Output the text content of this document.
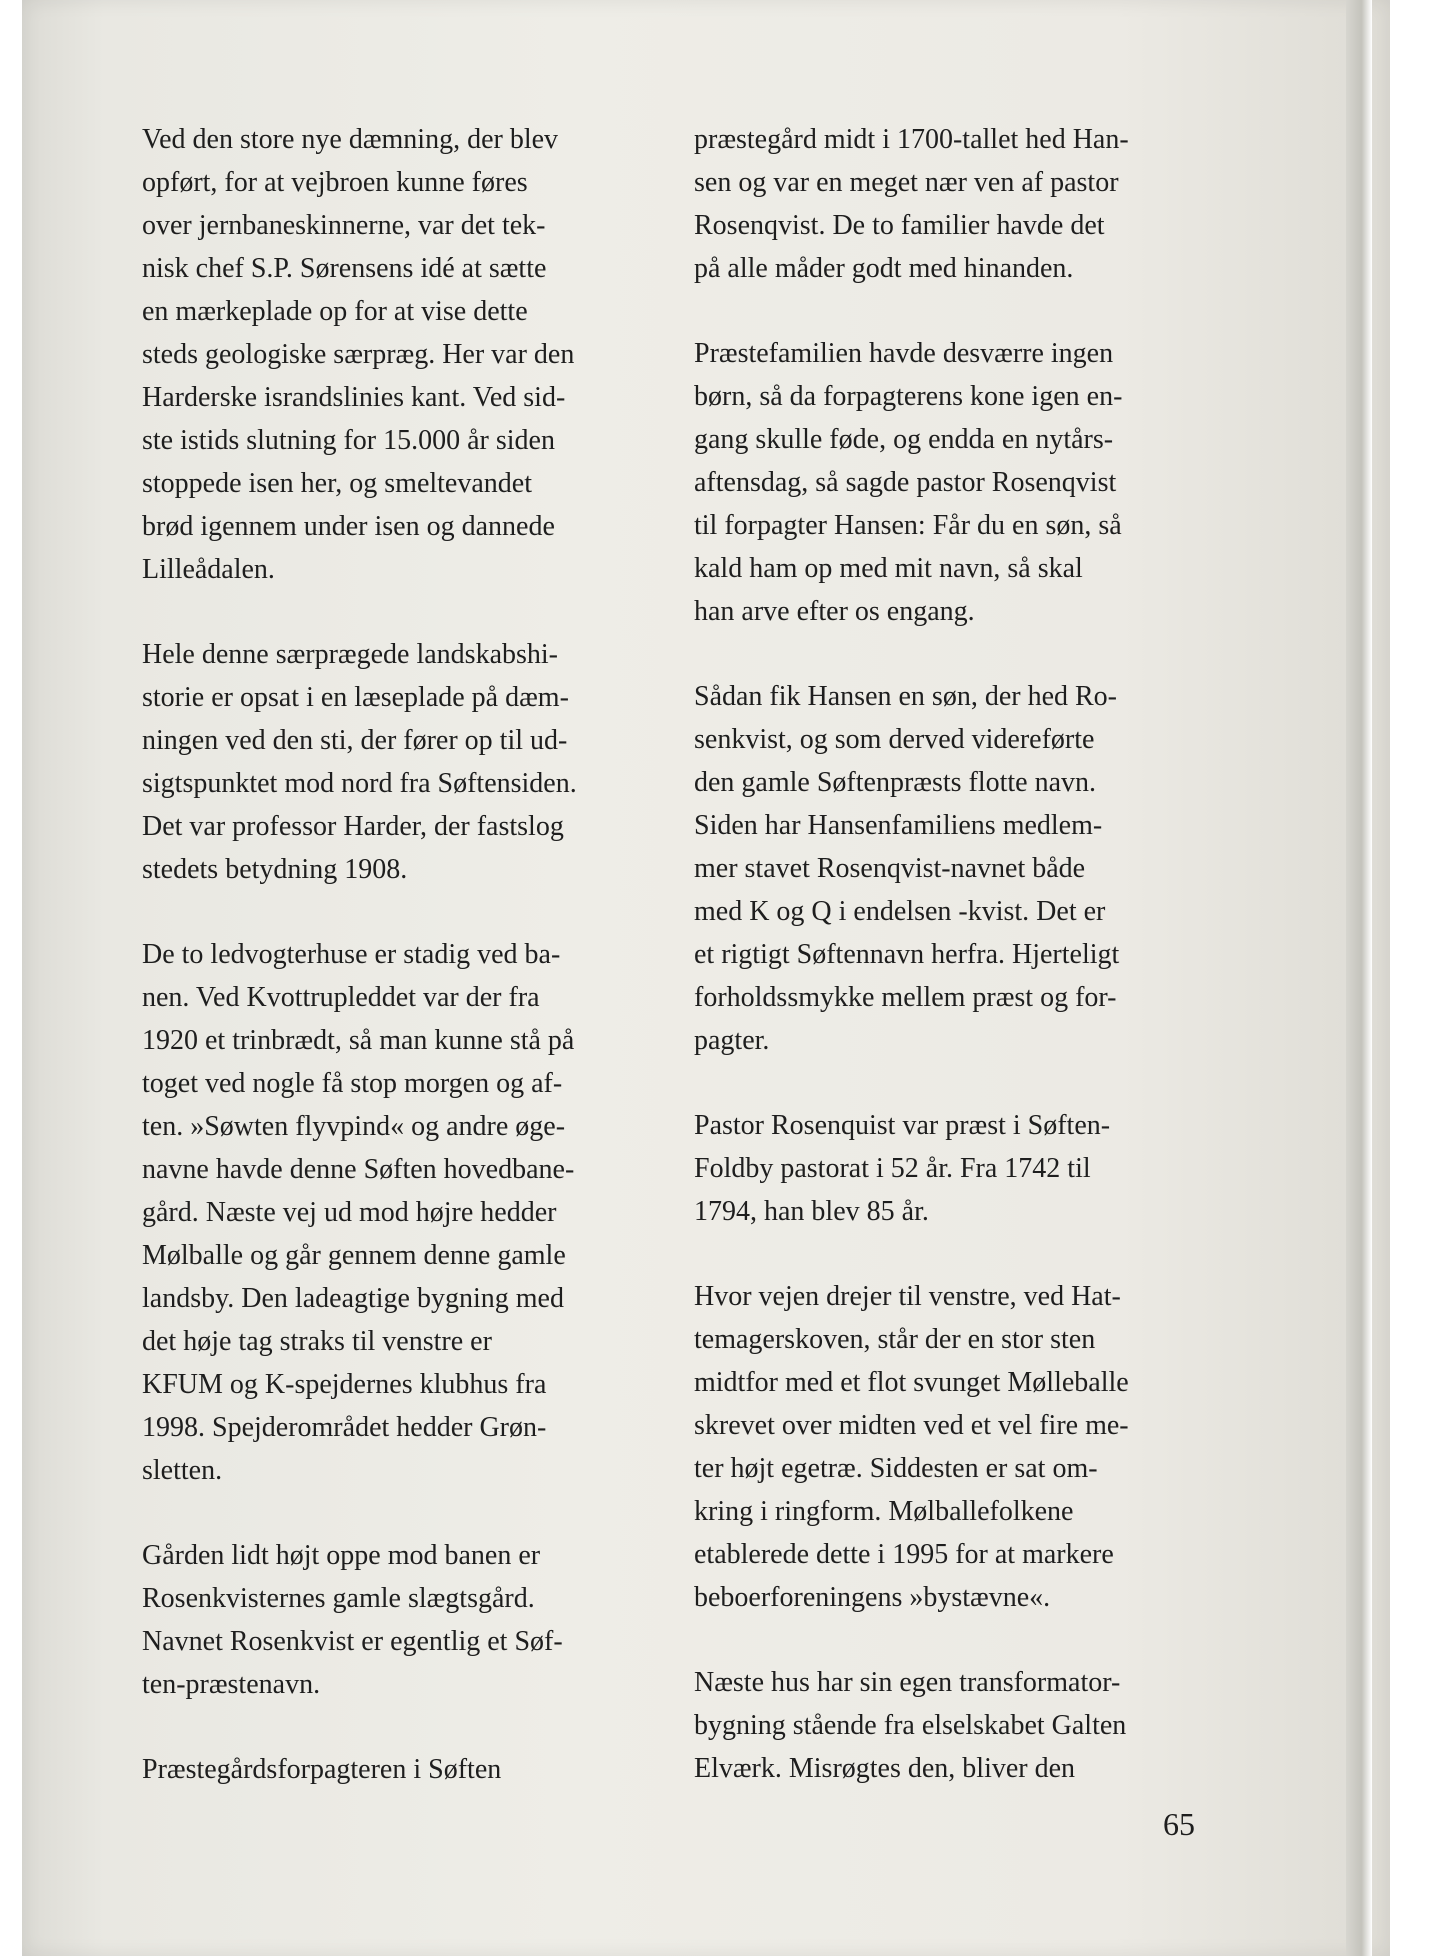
Ved den store nye dæmning, der blev
opført, for at vejbroen kunne føres
over jernbaneskinnerne, var det tek-
nisk chef S.P. Sørensens idé at sætte
en mærkeplade op for at vise dette
steds geologiske særpræg. Her var den
Harderske israndslinies kant. Ved sid-
ste istids slutning for 15.000 år siden
stoppede isen her, og smeltevandet
brød igennem under isen og dannede
Lilleådalen.

Hele denne særprægede landskabshi-
storie er opsat i en læseplade på dæm-
ningen ved den sti, der fører op til ud-
sigtspunktet mod nord fra Søftensiden.
Det var professor Harder, der fastslog
stedets betydning 1908.

De to ledvogterhuse er stadig ved ba-
nen. Ved Kvottrupleddet var der fra
1920 et trinbrædt, så man kunne stå på
toget ved nogle få stop morgen og af-
ten. »Søwten flyvpind« og andre øge-
navne havde denne Søften hovedbane-
gård. Næste vej ud mod højre hedder
Mølballe og går gennem denne gamle
landsby. Den ladeagtige bygning med
det høje tag straks til venstre er
KFUM og K-spejdernes klubhus fra
1998. Spejderområdet hedder Grøn-
sletten.

Gården lidt højt oppe mod banen er
Rosenkvisternes gamle slægtsgård.
Navnet Rosenkvist er egentlig et Søf-
ten-præstenavn.

Præstegårdsforpagteren i Søften

præstegård midt i 1700-tallet hed Han-
sen og var en meget nær ven af pastor
Rosenqvist. De to familier havde det
på alle måder godt med hinanden.

Præstefamilien havde desværre ingen
børn, så da forpagterens kone igen en-
gang skulle føde, og endda en nytårs-
aftensdag, så sagde pastor Rosenqvist
til forpagter Hansen: Får du en søn, så
kald ham op med mit navn, så skal
han arve efter os engang.

Sådan fik Hansen en søn, der hed Ro-
senkvist, og som derved videreførte
den gamle Søftenpræsts flotte navn.
Siden har Hansenfamiliens medlem-
mer stavet Rosenqvist-navnet både
med K og Q i endelsen -kvist. Det er
et rigtigt Søftennavn herfra. Hjerteligt
forholdssmykke mellem præst og for-
pagter.

Pastor Rosenquist var præst i Søften-
Foldby pastorat i 52 år. Fra 1742 til
1794, han blev 85 år.

Hvor vejen drejer til venstre, ved Hat-
temagerskoven, står der en stor sten
midtfor med et flot svunget Mølleballe
skrevet over midten ved et vel fire me-
ter højt egetræ. Siddesten er sat om-
kring i ringform. Mølballefolkene
etablerede dette i 1995 for at markere
beboerforeningens »bystævne«.

Næste hus har sin egen transformator-
bygning stående fra elselskabet Galten
Elværk. Misrøgtes den, bliver den

65
